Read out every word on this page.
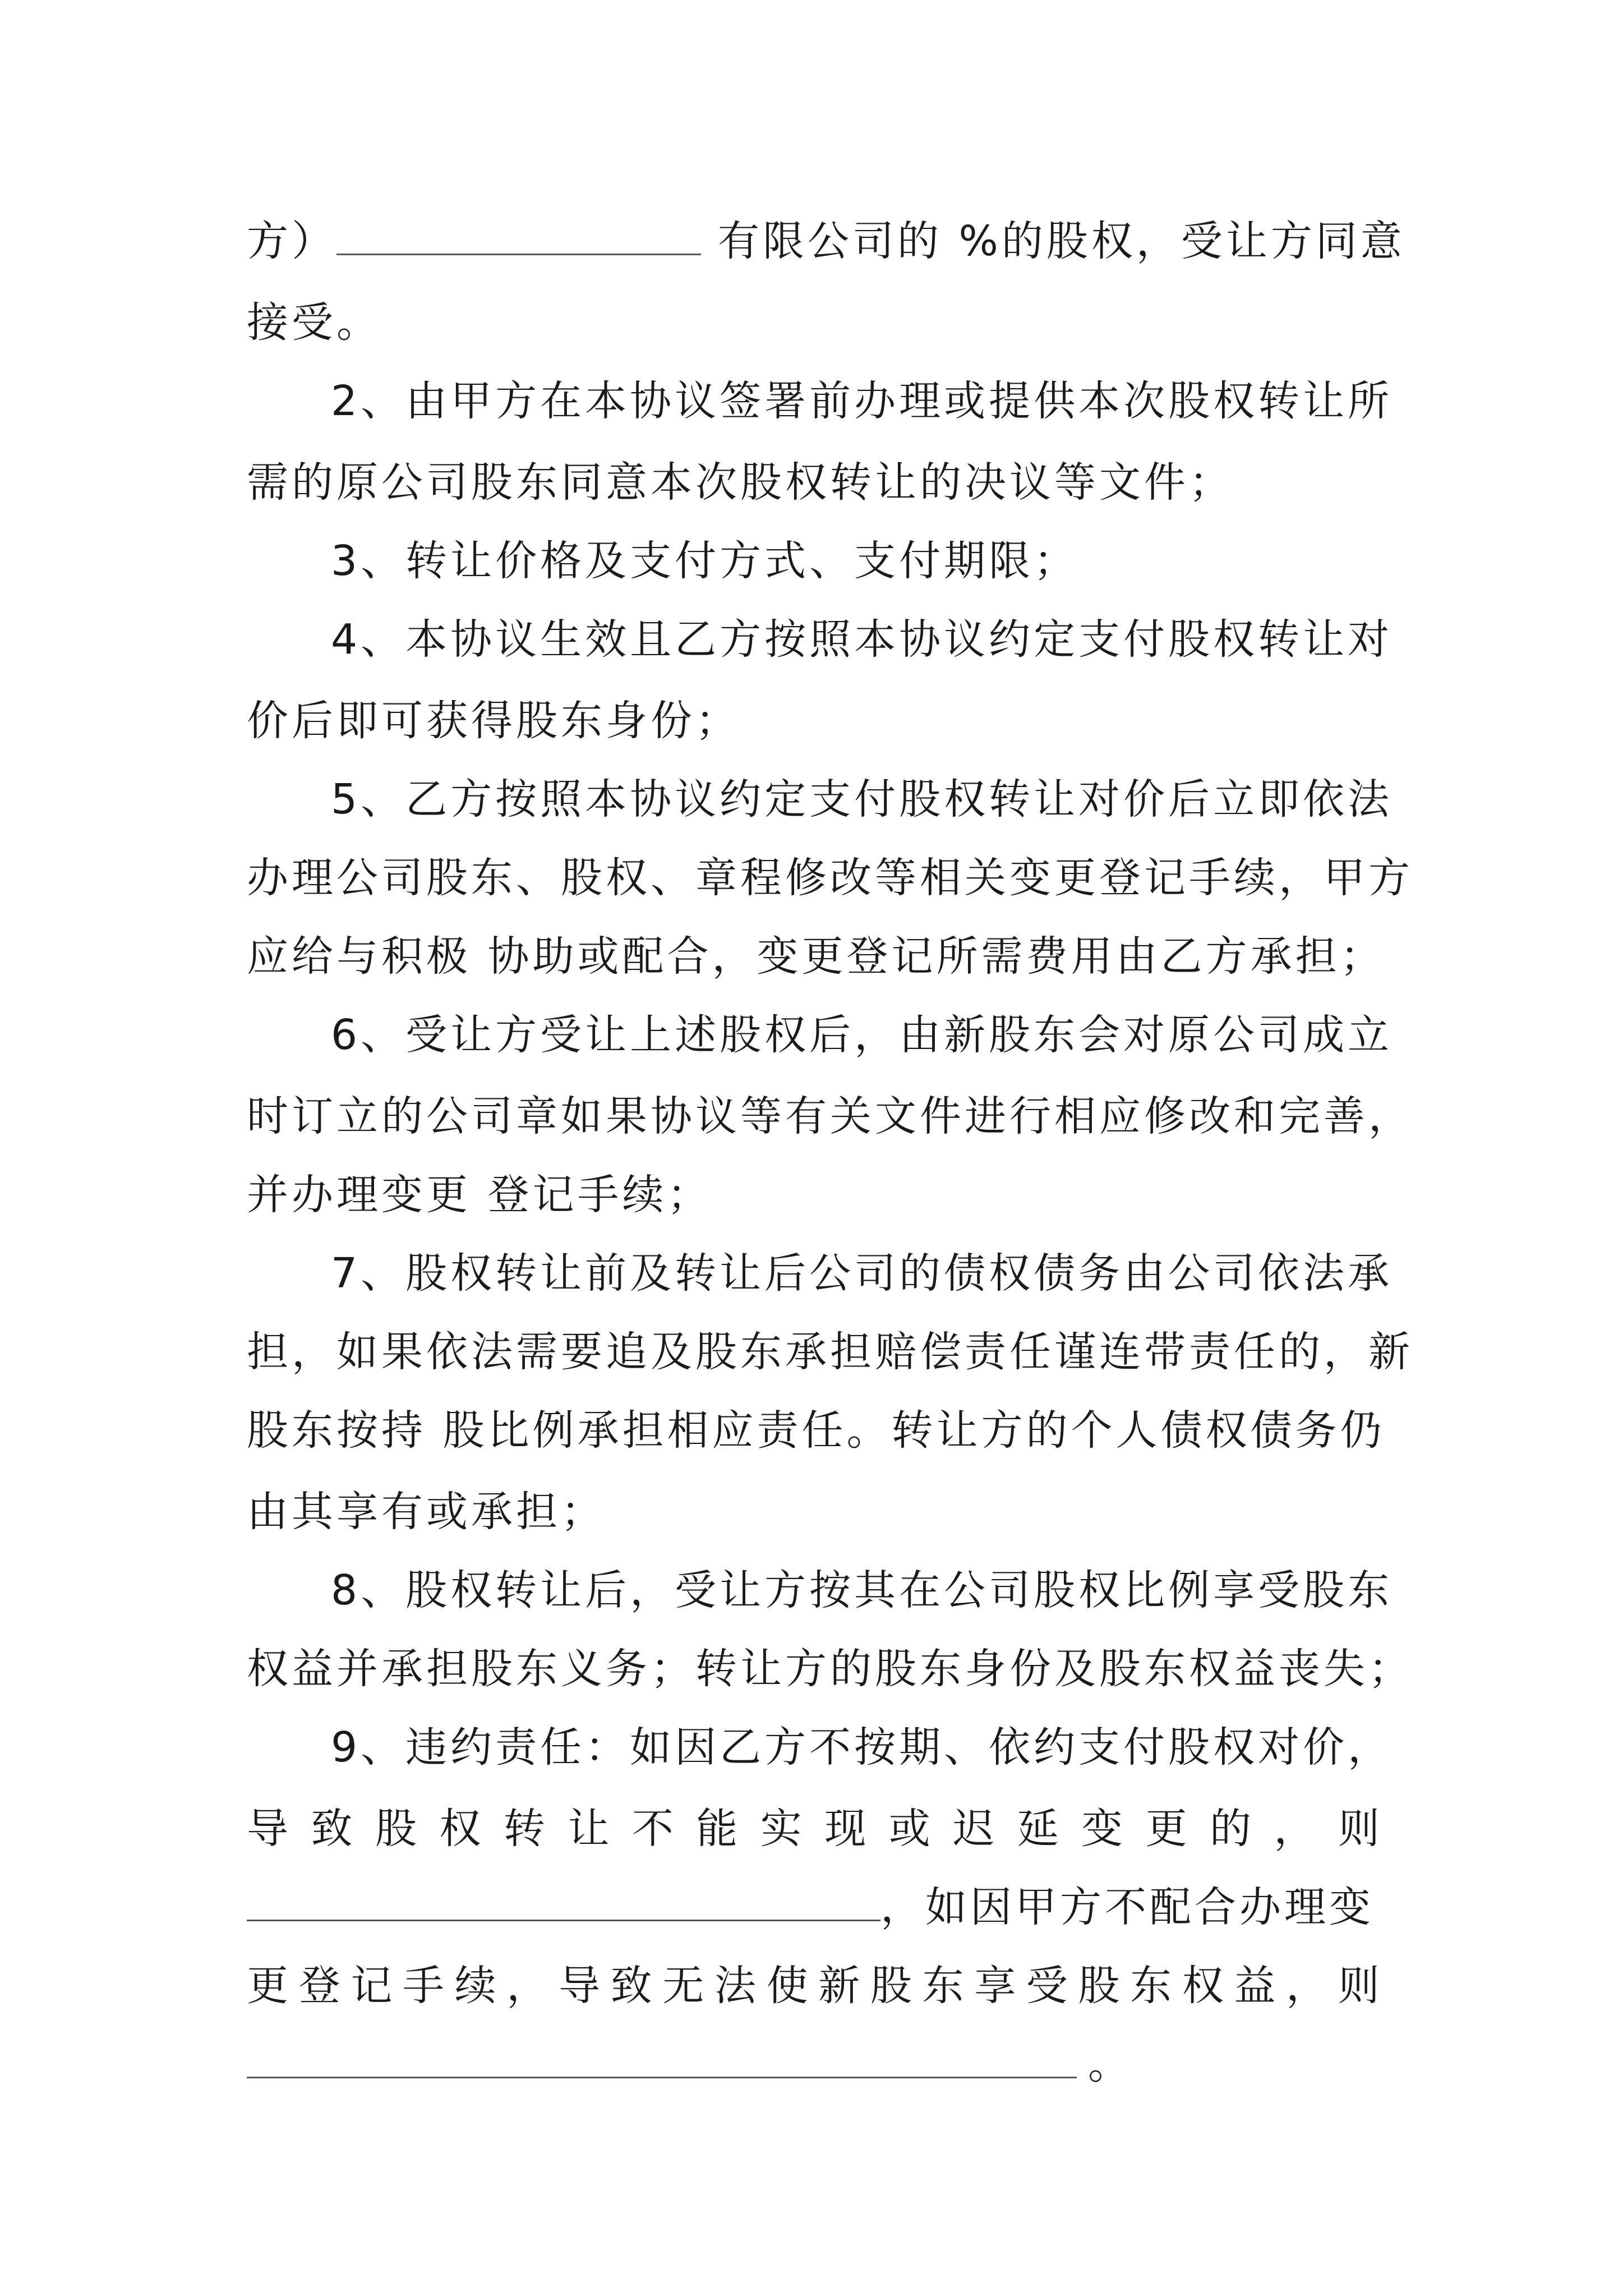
方）	有限公司的 %的股权，受让方同意
接受。
2、由甲方在本协议签署前办理或提供本次股权转让所
需的原公司股东同意本次股权转让的决议等文件；
3、转让价格及支付方式、支付期限；
4、本协议生效且乙方按照本协议约定支付股权转让对
价后即可获得股东身份；
5、乙方按照本协议约定支付股权转让对价后立即依法
办理公司股东、股权、章程修改等相关变更登记手续，甲方
应给与积极 协助或配合，变更登记所需费用由乙方承担；
6、受让方受让上述股权后，由新股东会对原公司成立
时订立的公司章如果协议等有关文件进行相应修改和完善，
并办理变更 登记手续；
7、股权转让前及转让后公司的债权债务由公司依法承
担，如果依法需要追及股东承担赔偿责任谨连带责任的，新
股东按持 股比例承担相应责任。转让方的个人债权债务仍
由其享有或承担；
8、股权转让后，受让方按其在公司股权比例享受股东
权益并承担股东义务；转让方的股东身份及股东权益丧失；
9、违约责任：如因乙方不按期、依约支付股权对价，
导 致 股 权 转 让 不 能 实 现 或 迟 延 变 更 的 ， 则
，如因甲方不配合办理变
更 登 记 手 续 ， 导 致 无 法 使 新 股 东 享 受 股 东 权 益 ， 则
。
